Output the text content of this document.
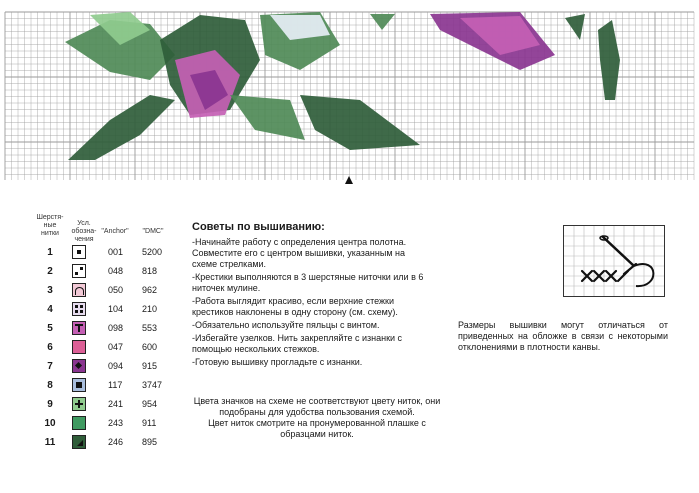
Шерстя-ные нитки
Усл. обозна-чения
"Anchor"	"DMC"
1	001	5200
2	048	818
3	050	962
4	104	210
5	098	553
6	047	600
7	094	915
8	117	3747
9	241	954
10	243	911
11	246	895
Советы по вышиванию:

-Начинайте работу с определения центра полотна. Совместите его с центром вышивки, указанным на схеме стрелками.

-Крестики выполняются в 3 шерстяные ниточки или в 6 ниточек мулине.

-Работа выглядит красиво, если верхние стежки крестиков наклонены в одну сторону (см. схему).

-Обязательно используйте пяльцы с винтом.

-Избегайте узелков. Нить закрепляйте с изнанки с помощью нескольких стежков.

-Готовую вышивку прогладьте с изнанки.

Цвета значков на схеме не соответствуют цвету ниток, они подобраны для удобства пользования схемой.

Цвет ниток смотрите на пронумерованной плашке с образцами ниток.

Размеры вышивки могут отличаться от приведенных на обложке в связи с некоторыми отклонениями в плотности канвы.
